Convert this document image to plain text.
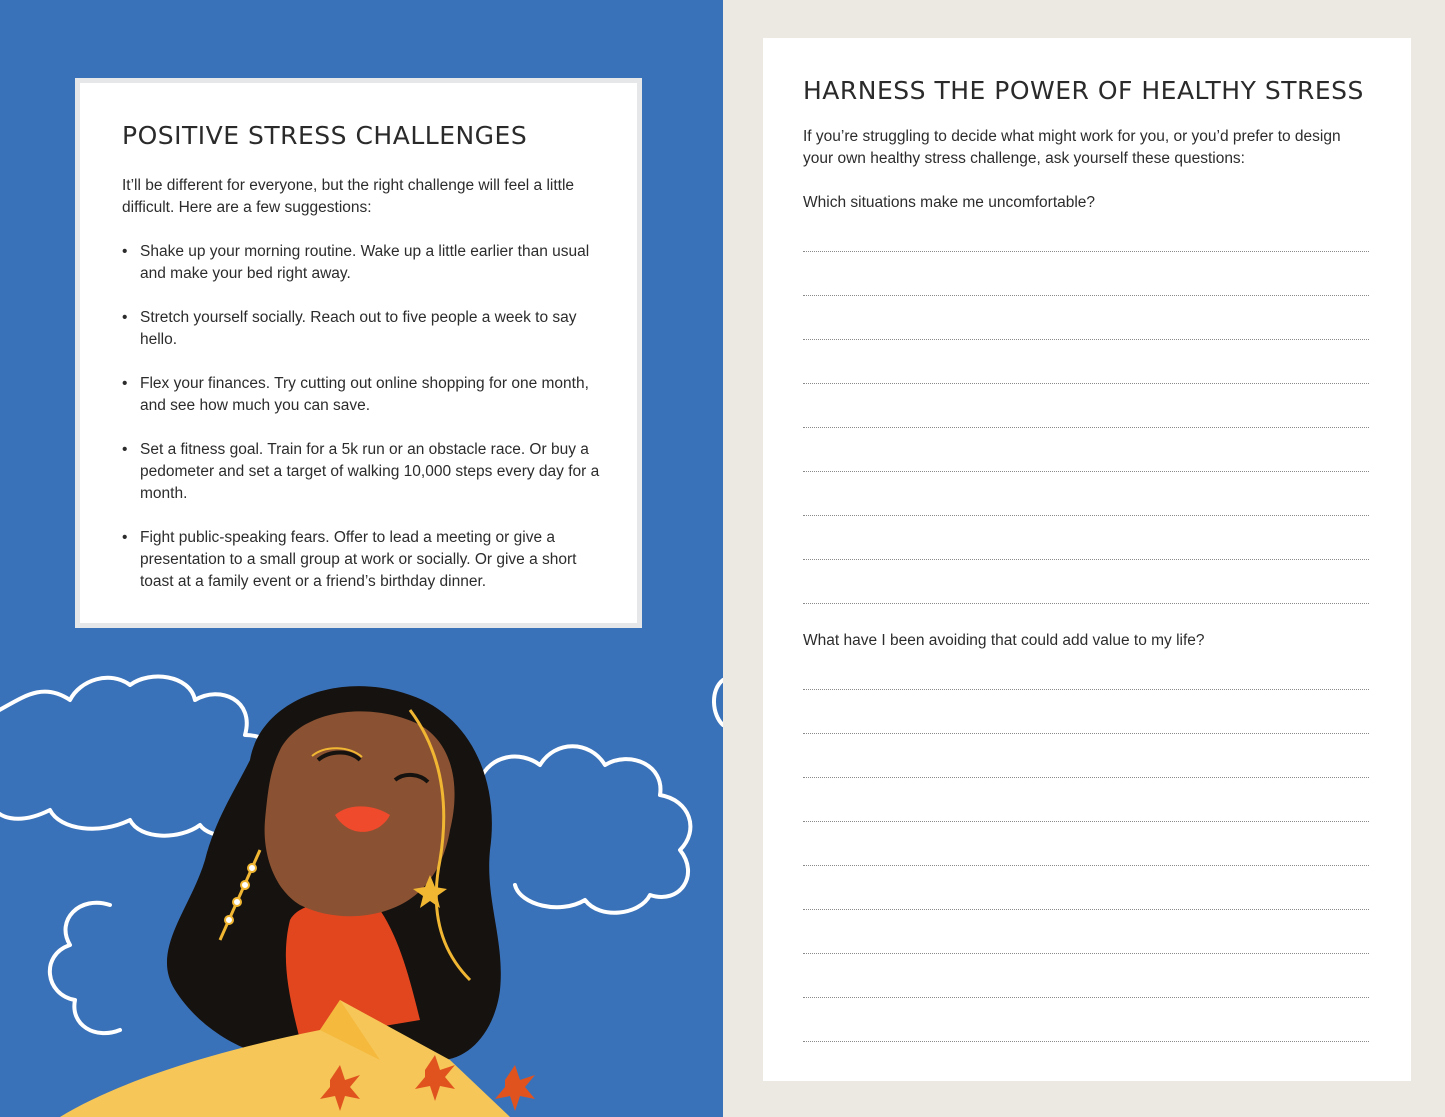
POSITIVE STRESS CHALLENGES

It’ll be different for everyone, but the right challenge will feel a little difficult. Here are a few suggestions:

• Shake up your morning routine. Wake up a little earlier than usual and make your bed right away.
• Stretch yourself socially. Reach out to five people a week to say hello.
• Flex your finances. Try cutting out online shopping for one month, and see how much you can save.
• Set a fitness goal. Train for a 5k run or an obstacle race. Or buy a pedometer and set a target of walking 10,000 steps every day for a month.
• Fight public-speaking fears. Offer to lead a meeting or give a presentation to a small group at work or socially. Or give a short toast at a family event or a friend’s birthday dinner.
HARNESS THE POWER OF HEALTHY STRESS

If you’re struggling to decide what might work for you, or you’d prefer to design your own healthy stress challenge, ask yourself these questions:

Which situations make me uncomfortable?

What have I been avoiding that could add value to my life?
